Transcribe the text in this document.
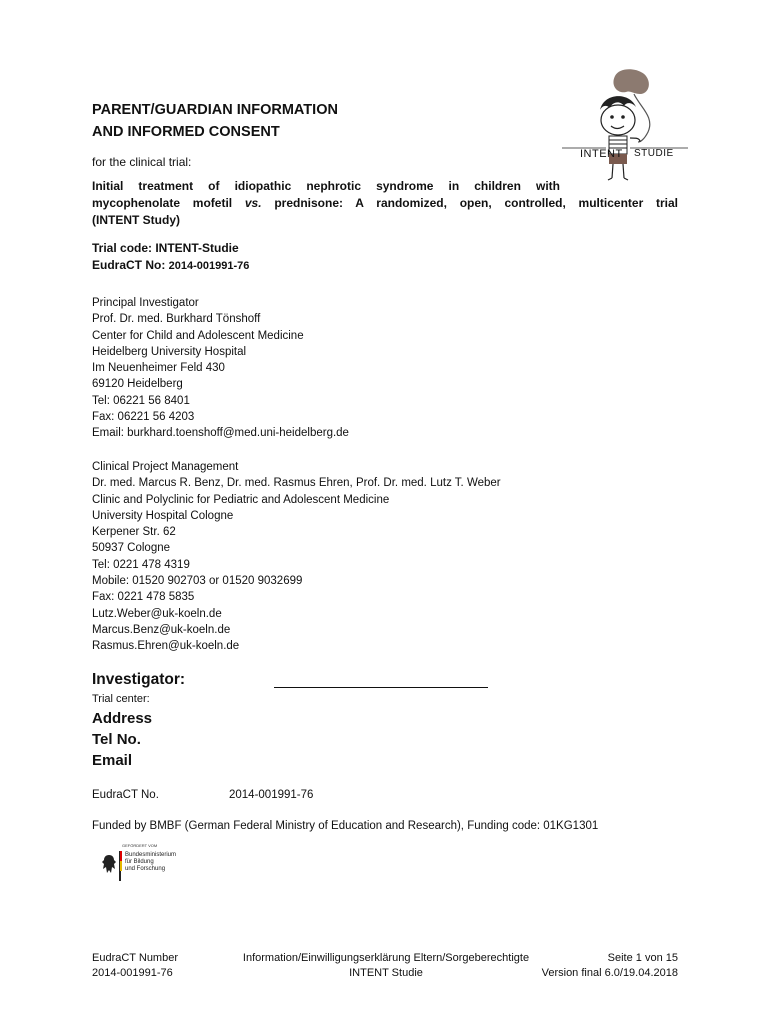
INTENT STUDIE
PARENT/GUARDIAN INFORMATION
AND INFORMED CONSENT
for the clinical trial:
Initial treatment of idiopathic nephrotic syndrome in children with
mycophenolate mofetil vs. prednisone: A randomized, open, controlled, multicenter trial
(INTENT Study)
Trial code: INTENT-Studie
EudraCT No: 2014-001991-76
Principal Investigator
Prof. Dr. med. Burkhard Tönshoff
Center for Child and Adolescent Medicine
Heidelberg University Hospital
Im Neuenheimer Feld 430
69120 Heidelberg
Tel: 06221 56 8401
Fax: 06221 56 4203
Email: burkhard.toenshoff@med.uni-heidelberg.de
Clinical Project Management
Dr. med. Marcus R. Benz, Dr. med. Rasmus Ehren, Prof. Dr. med. Lutz T. Weber
Clinic and Polyclinic for Pediatric and Adolescent Medicine
University Hospital Cologne
Kerpener Str. 62
50937 Cologne
Tel: 0221 478 4319
Mobile: 01520 902703 or 01520 9032699
Fax: 0221 478 5835
Lutz.Weber@uk-koeln.de
Marcus.Benz@uk-koeln.de
Rasmus.Ehren@uk-koeln.de
Investigator:
Trial center:
Address
Tel No.
Email
EudraCT No.	2014-001991-76
Funded by BMBF (German Federal Ministry of Education and Research), Funding code: 01KG1301
GEFÖRDERT VOM
Bundesministerium
für Bildung
und Forschung
EudraCT Number
2014-001991-76
Information/Einwilligungserklärung Eltern/Sorgeberechtigte
INTENT Studie
Seite 1 von 15
Version final 6.0/19.04.2018
